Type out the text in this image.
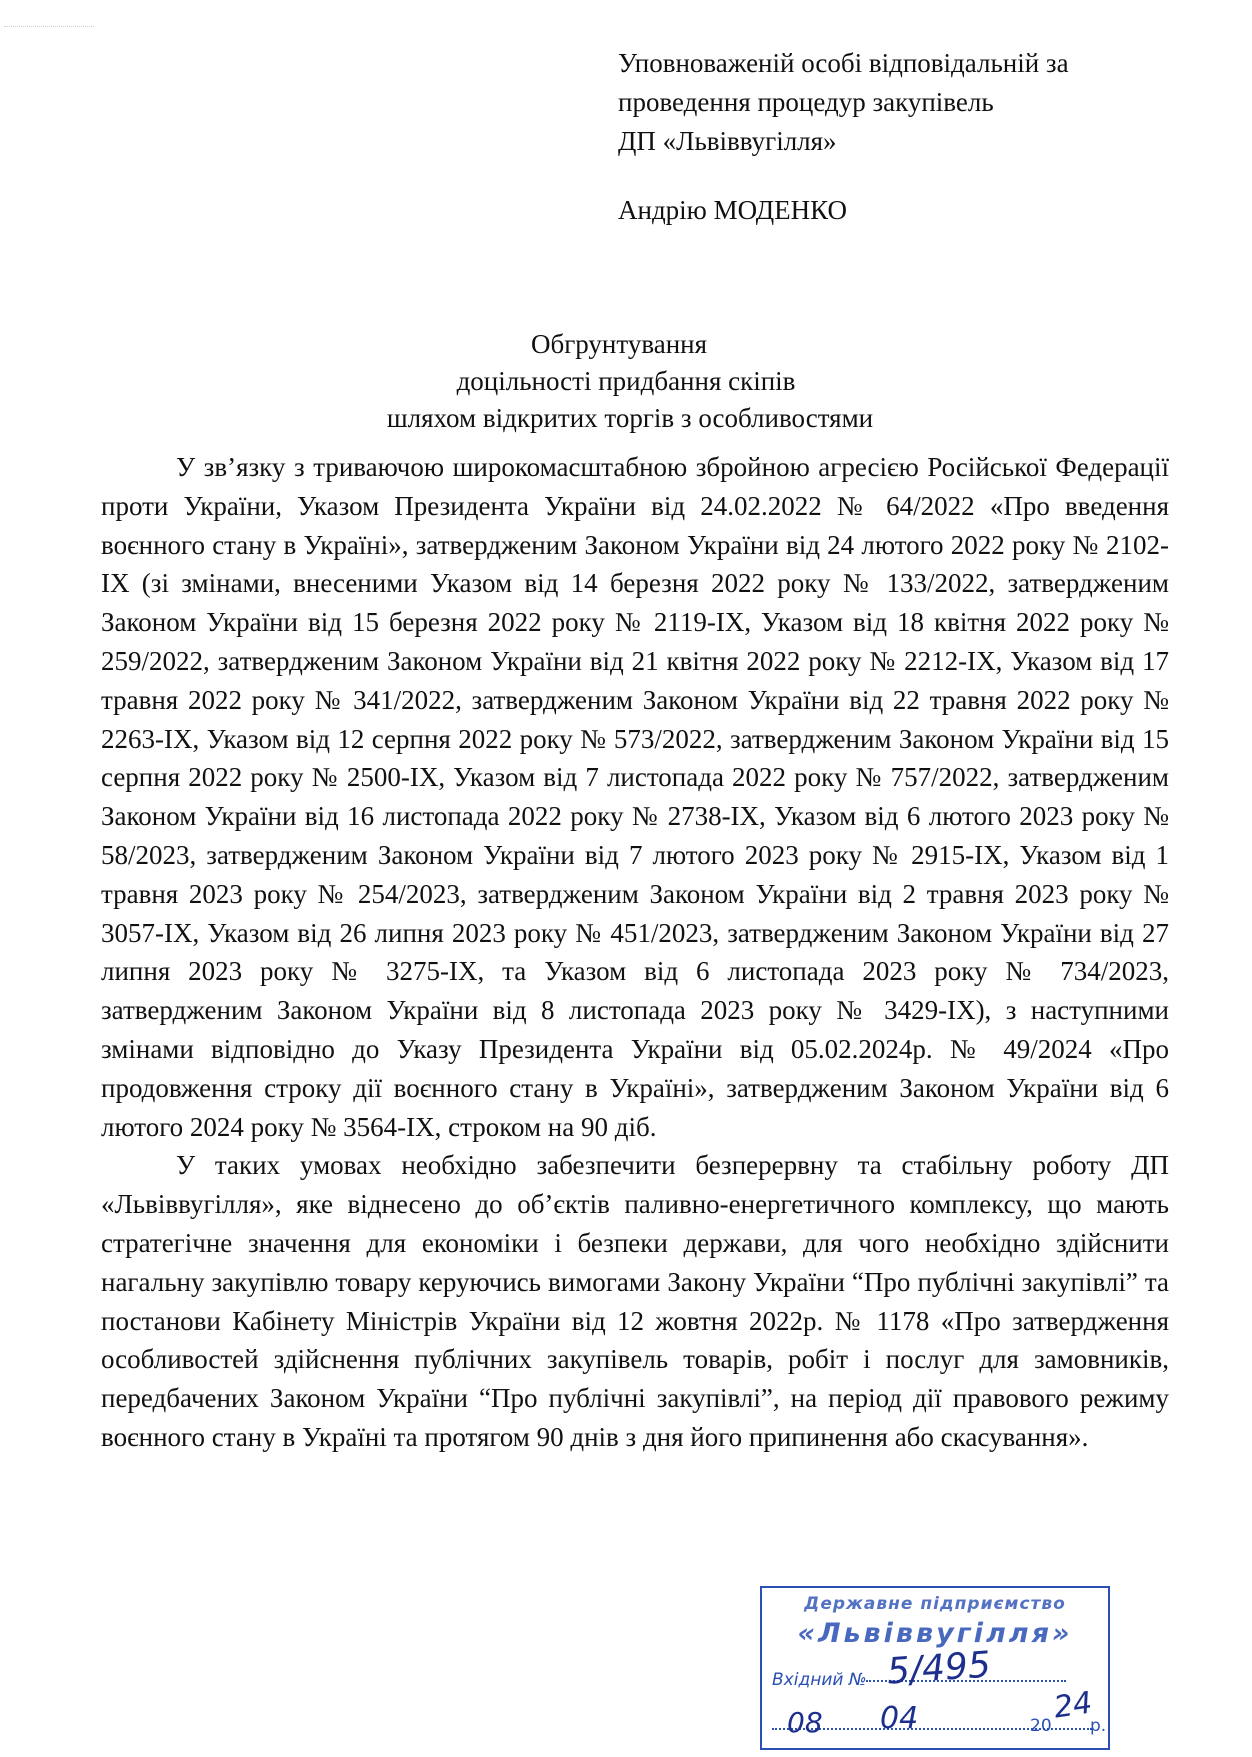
Уповноваженій особі відповідальній за
проведення процедур закупівель
ДП «Львіввугілля»
Андрію МОДЕНКО
Обгрунтування
доцільності придбання скіпів
шляхом відкритих торгів з особливостями

У зв’язку з триваючою широкомасштабною збройною агресією Російської Федерації проти України, Указом Президента України від 24.02.2022 № 64/2022 «Про введення воєнного стану в Україні», затвердженим Законом України від 24 лютого 2022 року № 2102-IX (зі змінами, внесеними Указом від 14 березня 2022 року № 133/2022, затвердженим Законом України від 15 березня 2022 року № 2119-IX, Указом від 18 квітня 2022 року № 259/2022, затвердженим Законом України від 21 квітня 2022 року № 2212-IX, Указом від 17 травня 2022 року № 341/2022, затвердженим Законом України від 22 травня 2022 року № 2263-IX, Указом від 12 серпня 2022 року № 573/2022, затвердженим Законом України від 15 серпня 2022 року № 2500-IX, Указом від 7 листопада 2022 року № 757/2022, затвердженим Законом України від 16 листопада 2022 року № 2738-IX, Указом від 6 лютого 2023 року № 58/2023, затвердженим Законом України від 7 лютого 2023 року № 2915-IX, Указом від 1 травня 2023 року № 254/2023, затвердженим Законом України від 2 травня 2023 року № 3057-IX, Указом від 26 липня 2023 року № 451/2023, затвердженим Законом України від 27 липня 2023 року № 3275-IX, та Указом від 6 листопада 2023 року № 734/2023, затвердженим Законом України від 8 листопада 2023 року № 3429-IX), з наступними змінами відповідно до Указу Президента України від 05.02.2024р. № 49/2024 «Про продовження строку дії воєнного стану в Україні», затвердженим Законом України від 6 лютого 2024 року № 3564-IX, строком на 90 діб.

У таких умовах необхідно забезпечити безперервну та стабільну роботу ДП «Львіввугілля», яке віднесено до об’єктів паливно-енергетичного комплексу, що мають стратегічне значення для економіки і безпеки держави, для чого необхідно здійснити нагальну закупівлю товару керуючись вимогами Закону України “Про публічні закупівлі” та постанови Кабінету Міністрів України від 12 жовтня 2022р. № 1178 «Про затвердження особливостей здійснення публічних закупівель товарів, робіт і послуг для замовників, передбачених Законом України “Про публічні закупівлі”, на період дії правового режиму воєнного стану в Україні та протягом 90 днів з дня його припинення або скасування».

Державне підприємство
«Львіввугілля»
Вхідний №
20 р.
5/495
08 04	24
